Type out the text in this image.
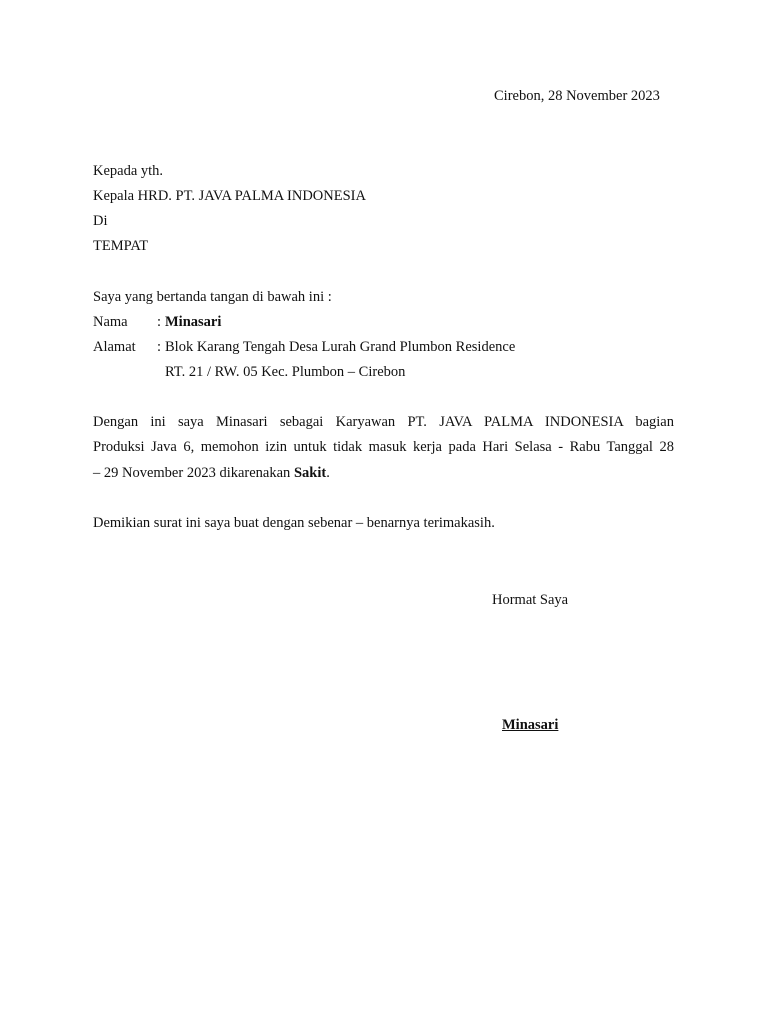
Cirebon, 28 November 2023
Kepada yth.
Kepala HRD. PT. JAVA PALMA INDONESIA
Di
TEMPAT
Saya yang bertanda tangan di bawah ini :
Nama : Minasari
Alamat : Blok Karang Tengah Desa Lurah Grand Plumbon Residence
RT. 21 / RW. 05 Kec. Plumbon – Cirebon
Dengan ini saya Minasari sebagai Karyawan PT. JAVA PALMA INDONESIA bagian
Produksi Java 6, memohon izin untuk tidak masuk kerja pada Hari Selasa - Rabu Tanggal 28
– 29 November 2023 dikarenakan Sakit.
Demikian surat ini saya buat dengan sebenar – benarnya terimakasih.
Hormat Saya
Minasari
